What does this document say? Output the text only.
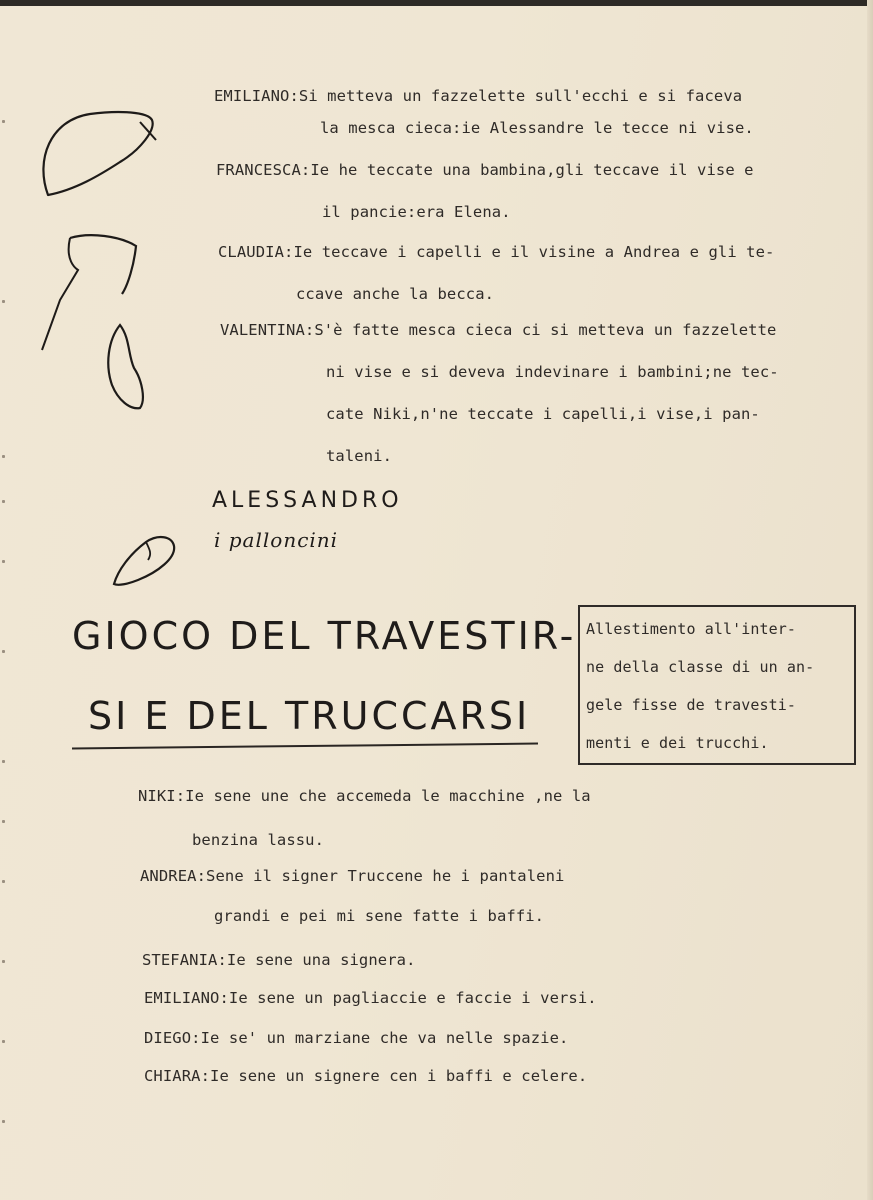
EMILIANO:Si metteva un fazzelette sull'ecchi e si faceva

la mesca cieca:ie Alessandre le tecce ni vise.

FRANCESCA:Ie he teccate una bambina,gli teccave il vise e

il pancie:era Elena.

CLAUDIA:Ie teccave i capelli e il visine a Andrea e gli te-

ccave anche la becca.

VALENTINA:S'è fatte mesca cieca ci si metteva un fazzelette

ni vise e si deveva indevinare i bambini;ne tec-

cate Niki,n'ne teccate i capelli,i vise,i pan-

taleni.

ALESSANDRO

i palloncini

GIOCO DEL TRAVESTIR-

SI E DEL TRUCCARSI

Allestimento all'inter-

ne della classe di un an-

gele fisse de travesti-

menti e dei trucchi.

NIKI:Ie sene une che accemeda le macchine ,ne la

benzina lassu.

ANDREA:Sene il signer Truccene he i pantaleni

grandi e pei mi sene fatte i baffi.

STEFANIA:Ie sene una signera.

EMILIANO:Ie sene un pagliaccie e faccie i versi.

DIEGO:Ie se' un marziane che va nelle spazie.

CHIARA:Ie sene un signere cen i baffi e celere.
